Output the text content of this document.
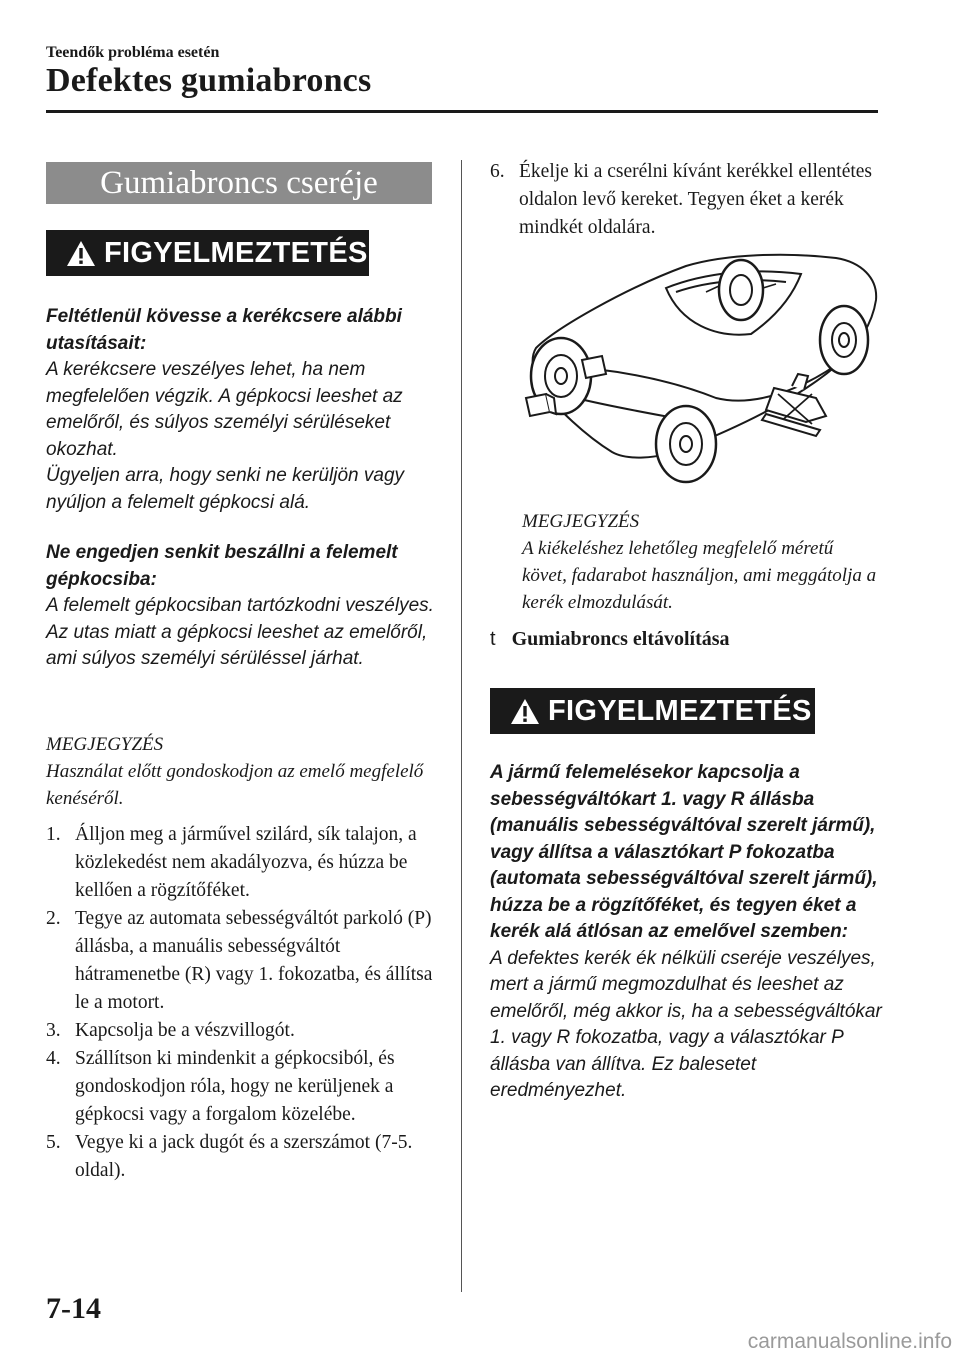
Teendők probléma esetén
Defektes gumiabroncs
Gumiabroncs cseréje
FIGYELMEZTETÉS
Feltétlenül kövesse a kerékcsere alábbi utasításait:
A kerékcsere veszélyes lehet, ha nem megfelelően végzik. A gépkocsi leeshet az emelőről, és súlyos személyi sérüléseket okozhat.
Ügyeljen arra, hogy senki ne kerüljön vagy nyúljon a felemelt gépkocsi alá.
Ne engedjen senkit beszállni a felemelt gépkocsiba:
A felemelt gépkocsiban tartózkodni veszélyes. Az utas miatt a gépkocsi leeshet az emelőről, ami súlyos személyi sérüléssel járhat.
MEGJEGYZÉS
Használat előtt gondoskodjon az emelő megfelelő kenéséről.
1. Álljon meg a járművel szilárd, sík talajon, a közlekedést nem akadályozva, és húzza be kellően a rögzítőféket.
2. Tegye az automata sebességváltót parkoló (P) állásba, a manuális sebességváltót hátramenetbe (R) vagy 1. fokozatba, és állítsa le a motort.
3. Kapcsolja be a vészvillogót.
4. Szállítson ki mindenkit a gépkocsiból, és gondoskodjon róla, hogy ne kerüljenek a gépkocsi vagy a forgalom közelébe.
5. Vegye ki a jack dugót és a szerszámot (7-5. oldal).
6. Ékelje ki a cserélni kívánt kerékkel ellentétes oldalon levő kereket. Tegyen éket a kerék mindkét oldalára.
MEGJEGYZÉS
A kiékeléshez lehetőleg megfelelő méretű követ, fadarabot használjon, ami meggátolja a kerék elmozdulását.
t Gumiabroncs eltávolítása
FIGYELMEZTETÉS
A jármű felemelésekor kapcsolja a sebességváltókart 1. vagy R állásba (manuális sebességváltóval szerelt jármű), vagy állítsa a választókart P fokozatba (automata sebességváltóval szerelt jármű), húzza be a rögzítőféket, és tegyen éket a kerék alá átlósan az emelővel szemben:
A defektes kerék ék nélküli cseréje veszélyes, mert a jármű megmozdulhat és leeshet az emelőről, még akkor is, ha a sebességváltókar 1. vagy R fokozatba, vagy a választókar P állásba van állítva. Ez balesetet eredményezhet.
7-14
carmanualsonline.info
